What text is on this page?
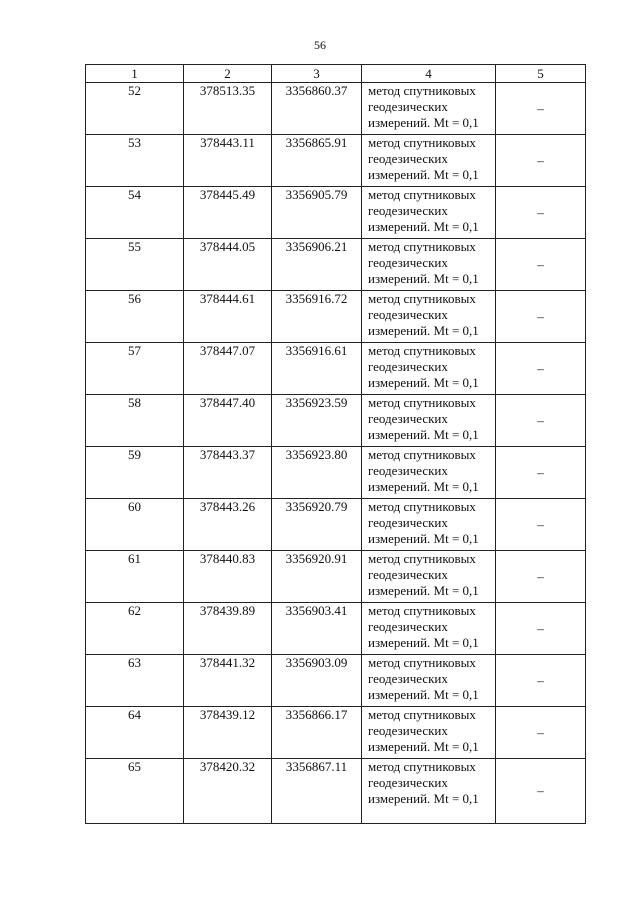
56
1	2	3	4	5
52	378513.35	3356860.37	метод спутниковых
геодезических
измерений. Mt = 0,1	–
53	378443.11	3356865.91	метод спутниковых
геодезических
измерений. Mt = 0,1	–
54	378445.49	3356905.79	метод спутниковых
геодезических
измерений. Mt = 0,1	–
55	378444.05	3356906.21	метод спутниковых
геодезических
измерений. Mt = 0,1	–
56	378444.61	3356916.72	метод спутниковых
геодезических
измерений. Mt = 0,1	–
57	378447.07	3356916.61	метод спутниковых
геодезических
измерений. Mt = 0,1	–
58	378447.40	3356923.59	метод спутниковых
геодезических
измерений. Mt = 0,1	–
59	378443.37	3356923.80	метод спутниковых
геодезических
измерений. Mt = 0,1	–
60	378443.26	3356920.79	метод спутниковых
геодезических
измерений. Mt = 0,1	–
61	378440.83	3356920.91	метод спутниковых
геодезических
измерений. Mt = 0,1	–
62	378439.89	3356903.41	метод спутниковых
геодезических
измерений. Mt = 0,1	–
63	378441.32	3356903.09	метод спутниковых
геодезических
измерений. Mt = 0,1	–
64	378439.12	3356866.17	метод спутниковых
геодезических
измерений. Mt = 0,1	–
65	378420.32	3356867.11	метод спутниковых
геодезических
измерений. Mt = 0,1	–
